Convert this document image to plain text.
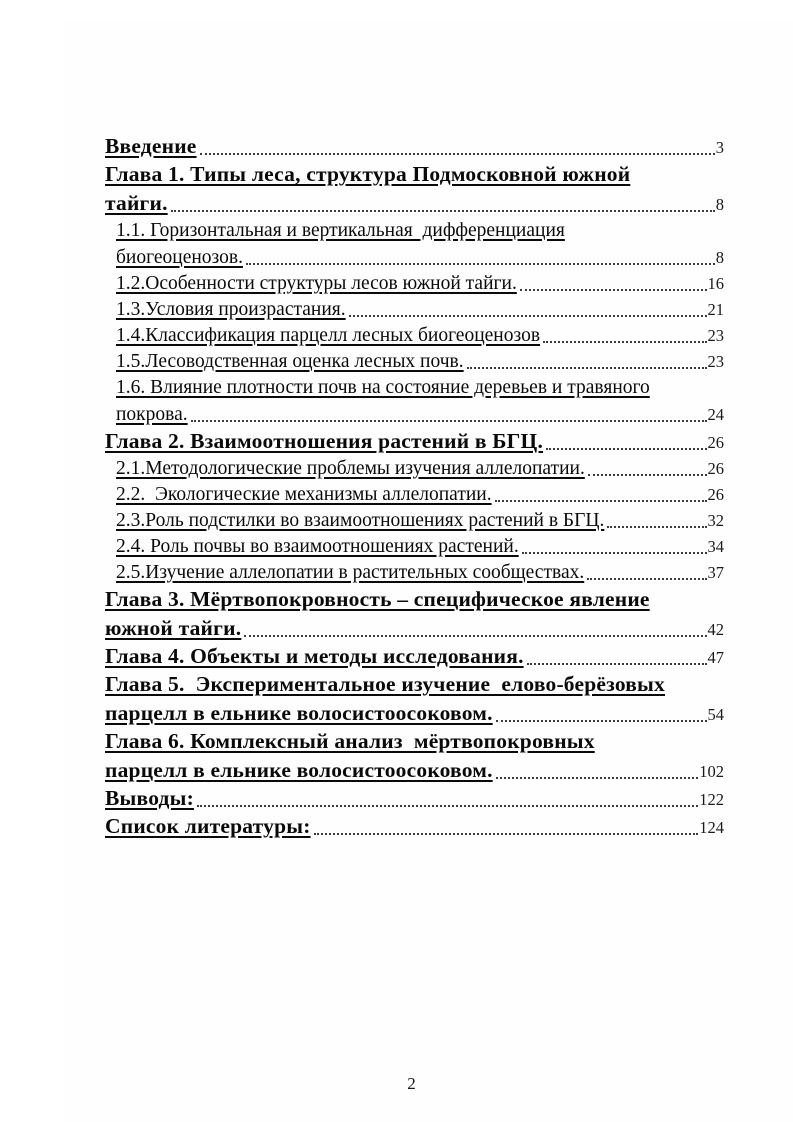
Введение	3
Глава 1. Типы леса, структура Подмосковной южной
тайги.	8
1.1. Горизонтальная и вертикальная  дифференциация
биогеоценозов.	8
1.2.Особенности структуры лесов южной тайги.	16
1.3.Условия произрастания.	21
1.4.Классификация парцелл лесных биогеоценозов	23
1.5.Лесоводственная оценка лесных почв.	23
1.6. Влияние плотности почв на состояние деревьев и травяного
покрова.	24
Глава 2. Взаимоотношения растений в БГЦ.	26
2.1.Методологические проблемы изучения аллелопатии.	26
2.2.  Экологические механизмы аллелопатии.	26
2.3.Роль подстилки во взаимоотношениях растений в БГЦ.	32
2.4. Роль почвы во взаимоотношениях растений.	34
2.5.Изучение аллелопатии в растительных сообществах.	37
Глава 3. Мёртвопокровность – специфическое явление
южной тайги.	42
Глава 4. Объекты и методы исследования.	47
Глава 5.  Экспериментальное изучение  елово-берёзовых
парцелл в ельнике волосистоосоковом.	54
Глава 6. Комплексный анализ  мёртвопокровных
парцелл в ельнике волосистоосоковом.	102
Выводы:	122
Список литературы:	124
2
